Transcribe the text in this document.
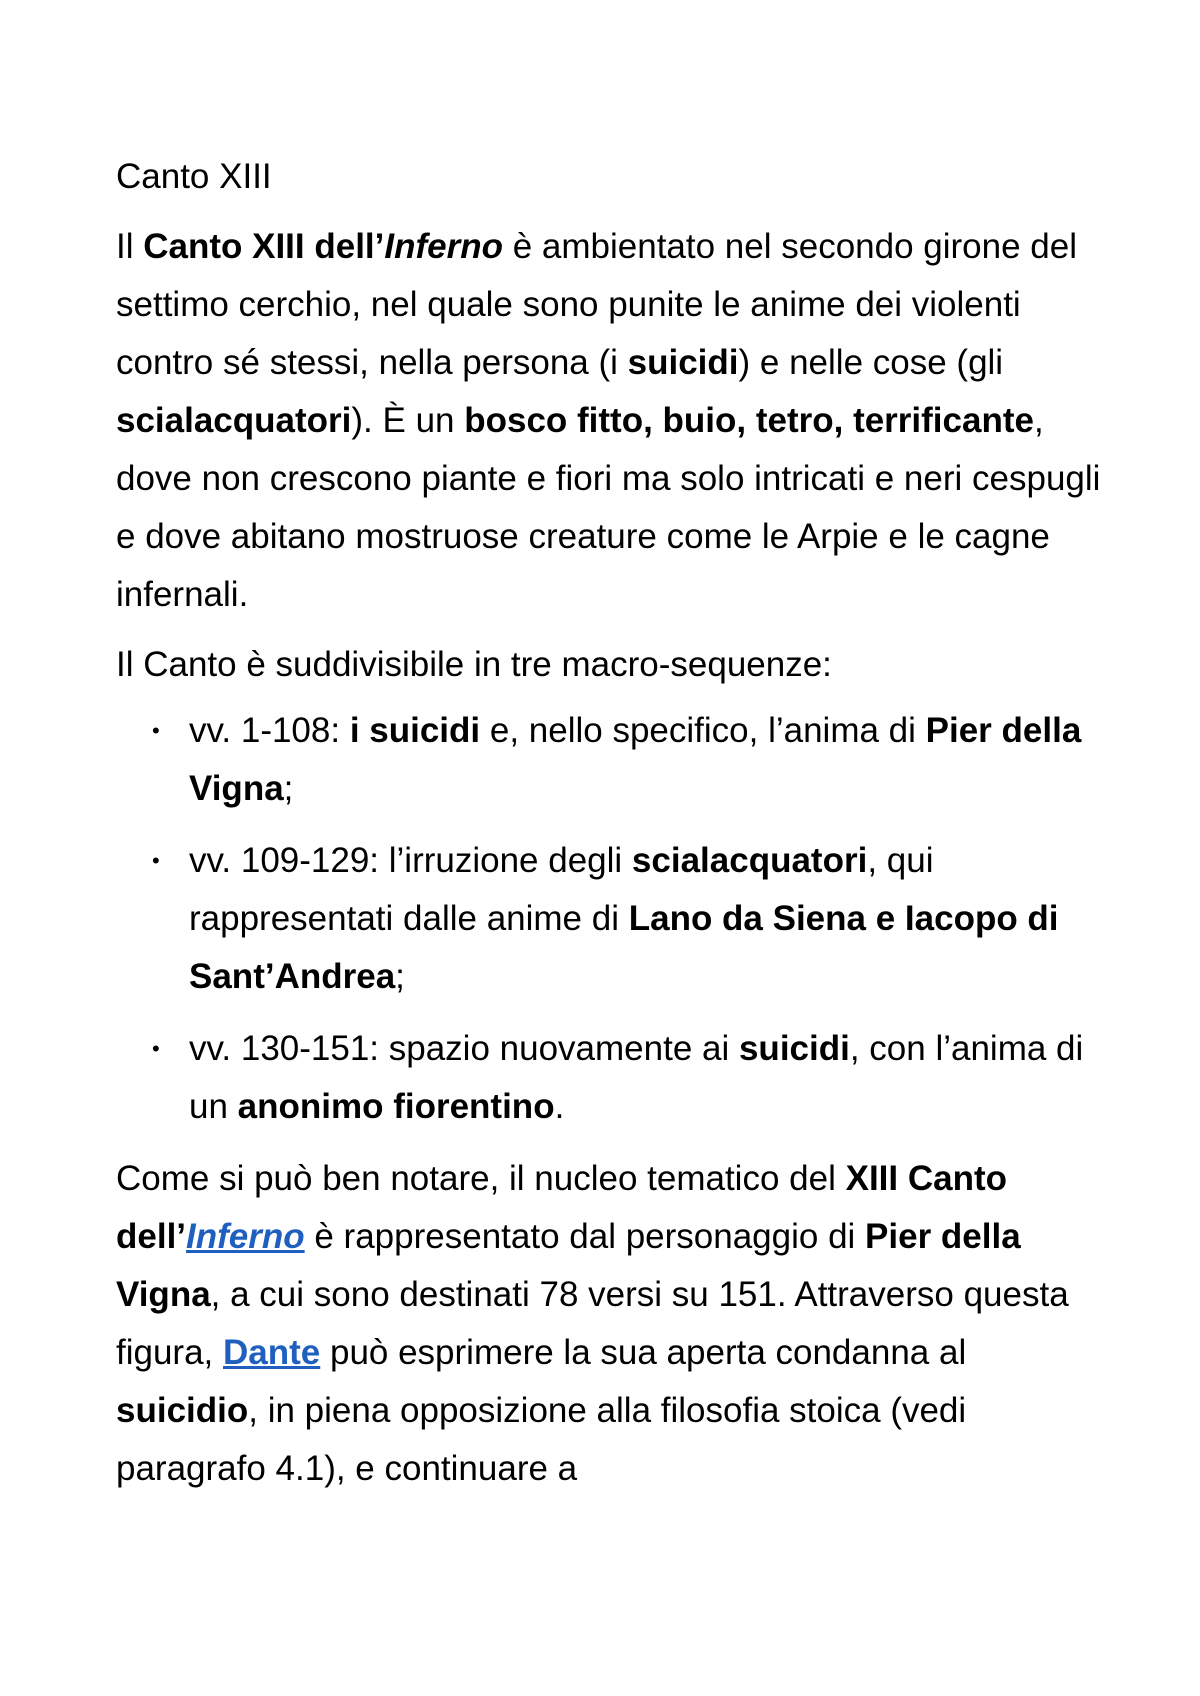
Canto XIII

Il Canto XIII dell’Inferno è ambientato nel secondo girone del settimo cerchio, nel quale sono punite le anime dei violenti contro sé stessi, nella persona (i suicidi) e nelle cose (gli scialacquatori). È un bosco fitto, buio, tetro, terrificante, dove non crescono piante e fiori ma solo intricati e neri cespugli e dove abitano mostruose creature come le Arpie e le cagne infernali.

Il Canto è suddivisibile in tre macro-sequenze:

• vv. 1-108: i suicidi e, nello specifico, l’anima di Pier della Vigna;
• vv. 109-129: l’irruzione degli scialacquatori, qui rappresentati dalle anime di Lano da Siena e Iacopo di Sant’Andrea;
• vv. 130-151: spazio nuovamente ai suicidi, con l’anima di un anonimo fiorentino.

Come si può ben notare, il nucleo tematico del XIII Canto dell’Inferno è rappresentato dal personaggio di Pier della Vigna, a cui sono destinati 78 versi su 151. Attraverso questa figura, Dante può esprimere la sua aperta condanna al suicidio, in piena opposizione alla filosofia stoica (vedi paragrafo 4.1), e continuare a
